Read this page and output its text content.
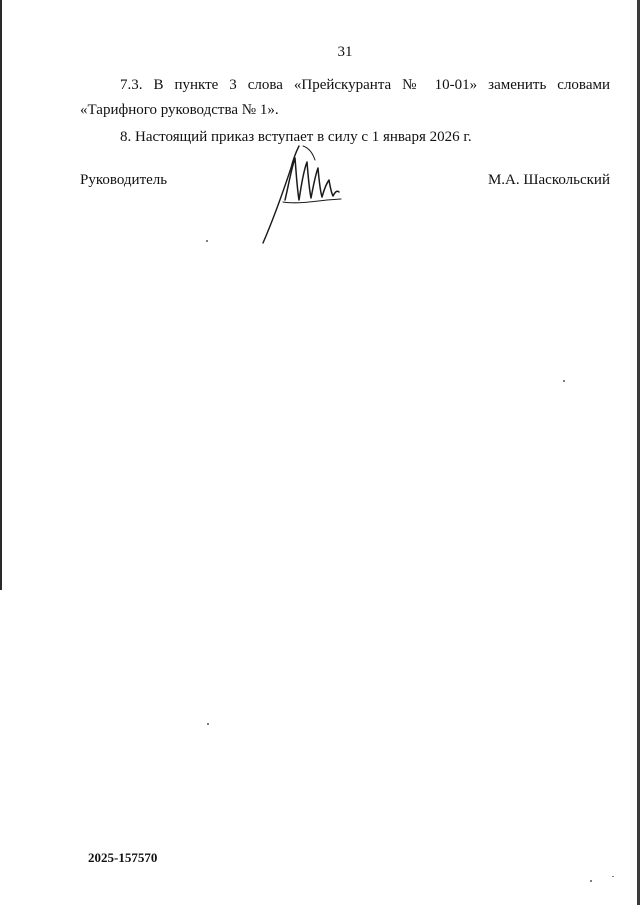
31
7.3. В пункте 3 слова «Прейскуранта № 10-01» заменить словами
«Тарифного руководства № 1».
8. Настоящий приказ вступает в силу с 1 января 2026 г.
Руководитель	М.А. Шаскольский
2025-157570
